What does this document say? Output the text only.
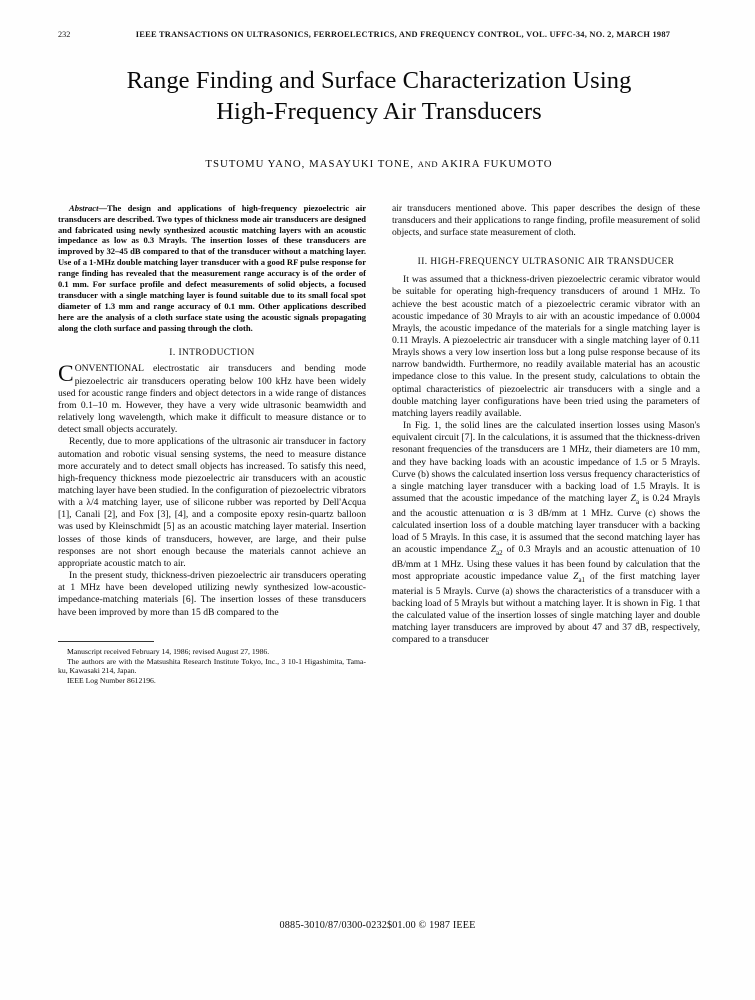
232	IEEE TRANSACTIONS ON ULTRASONICS, FERROELECTRICS, AND FREQUENCY CONTROL, VOL. UFFC-34, NO. 2, MARCH 1987
Range Finding and Surface Characterization Using
High-Frequency Air Transducers
TSUTOMU YANO, MASAYUKI TONE, AND AKIRA FUKUMOTO

Abstract—The design and applications of high-frequency piezoelectric air transducers are described. Two types of thickness mode air transducers are designed and fabricated using newly synthesized acoustic matching layers with an acoustic impedance as low as 0.3 Mrayls. The insertion losses of these transducers are improved by 32–45 dB compared to that of the transducer without a matching layer. Use of a 1-MHz double matching layer transducer with a good RF pulse response for range finding has revealed that the measurement range accuracy is of the order of 0.1 mm. For surface profile and defect measurements of solid objects, a focused transducer with a single matching layer is found suitable due to its small focal spot diameter of 1.3 mm and range accuracy of 0.1 mm. Other applications described here are the analysis of a cloth surface state using the acoustic signals propagating along the cloth surface and passing through the cloth.

I. INTRODUCTION

CONVENTIONAL electrostatic air transducers and bending mode piezoelectric air transducers operating below 100 kHz have been widely used for acoustic range finders and object detectors in a wide range of distances from 0.1–10 m. However, they have a very wide ultrasonic beamwidth and relatively long wavelength, which make it difficult to measure distance or to detect small objects accurately.

Recently, due to more applications of the ultrasonic air transducer in factory automation and robotic visual sensing systems, the need to measure distance more accurately and to detect small objects has increased. To satisfy this need, high-frequency thickness mode piezoelectric air transducers with an acoustic matching layer have been studied. In the configuration of piezoelectric vibrators with a λ/4 matching layer, use of silicone rubber was reported by Dell'Acqua [1], Canali [2], and Fox [3], [4], and a composite epoxy resin-quartz balloon was used by Kleinschmidt [5] as an acoustic matching layer material. Insertion losses of those kinds of transducers, however, are large, and their pulse responses are not short enough because the materials cannot achieve an appropriate acoustic match to air.

In the present study, thickness-driven piezoelectric air transducers operating at 1 MHz have been developed utilizing newly synthesized low-acoustic-impedance-matching materials [6]. The insertion losses of these transducers have been improved by more than 15 dB compared to the

Manuscript received February 14, 1986; revised August 27, 1986.

The authors are with the Matsushita Research Institute Tokyo, Inc., 3 10-1 Higashimita, Tama-ku, Kawasaki 214, Japan.

IEEE Log Number 8612196.

air transducers mentioned above. This paper describes the design of these transducers and their applications to range finding, profile measurement of solid objects, and surface state measurement of cloth.

II. HIGH-FREQUENCY ULTRASONIC AIR TRANSDUCER

It was assumed that a thickness-driven piezoelectric ceramic vibrator would be suitable for operating high-frequency transducers of around 1 MHz. To achieve the best acoustic match of a piezoelectric ceramic vibrator with an acoustic impedance of 30 Mrayls to air with an acoustic impedance of 0.0004 Mrayls, the acoustic impedance of the materials for a single matching layer is 0.11 Mrayls. A piezoelectric air transducer with a single matching layer of 0.11 Mrayls shows a very low insertion loss but a long pulse response because of its narrow bandwidth. Furthermore, no readily available material has an acoustic impedance close to this value. In the present study, calculations to obtain the optimal characteristics of piezoelectric air transducers with a single and a double matching layer configurations have been tried using the parameters of matching layers readily available.

In Fig. 1, the solid lines are the calculated insertion losses using Mason's equivalent circuit [7]. In the calculations, it is assumed that the thickness-driven resonant frequencies of the transducers are 1 MHz, their diameters are 10 mm, and they have backing loads with an acoustic impedance of 1.5 or 5 Mrayls. Curve (b) shows the calculated insertion loss versus frequency characteristics of a single matching layer transducer with a backing load of 1.5 Mrayls. It is assumed that the acoustic impedance of the matching layer $Z_a$ is 0.24 Mrayls and the acoustic attenuation α is 3 dB/mm at 1 MHz. Curve (c) shows the calculated insertion loss of a double matching layer transducer with a backing load of 5 Mrayls. In this case, it is assumed that the second matching layer has an acoustic impendance $Z_{a2}$ of 0.3 Mrayls and an acoustic attenuation of 10 dB/mm at 1 MHz. Using these values it has been found by calculation that the most appropriate acoustic impedance value $Z_{a1}$ of the first matching layer material is 5 Mrayls. Curve (a) shows the characteristics of a transducer with a backing load of 5 Mrayls but without a matching layer. It is shown in Fig. 1 that the calculated value of the insertion losses of single matching layer and double matching layer transducers are improved by about 47 and 37 dB, respectively, compared to a transducer

0885-3010/87/0300-0232$01.00 © 1987 IEEE
